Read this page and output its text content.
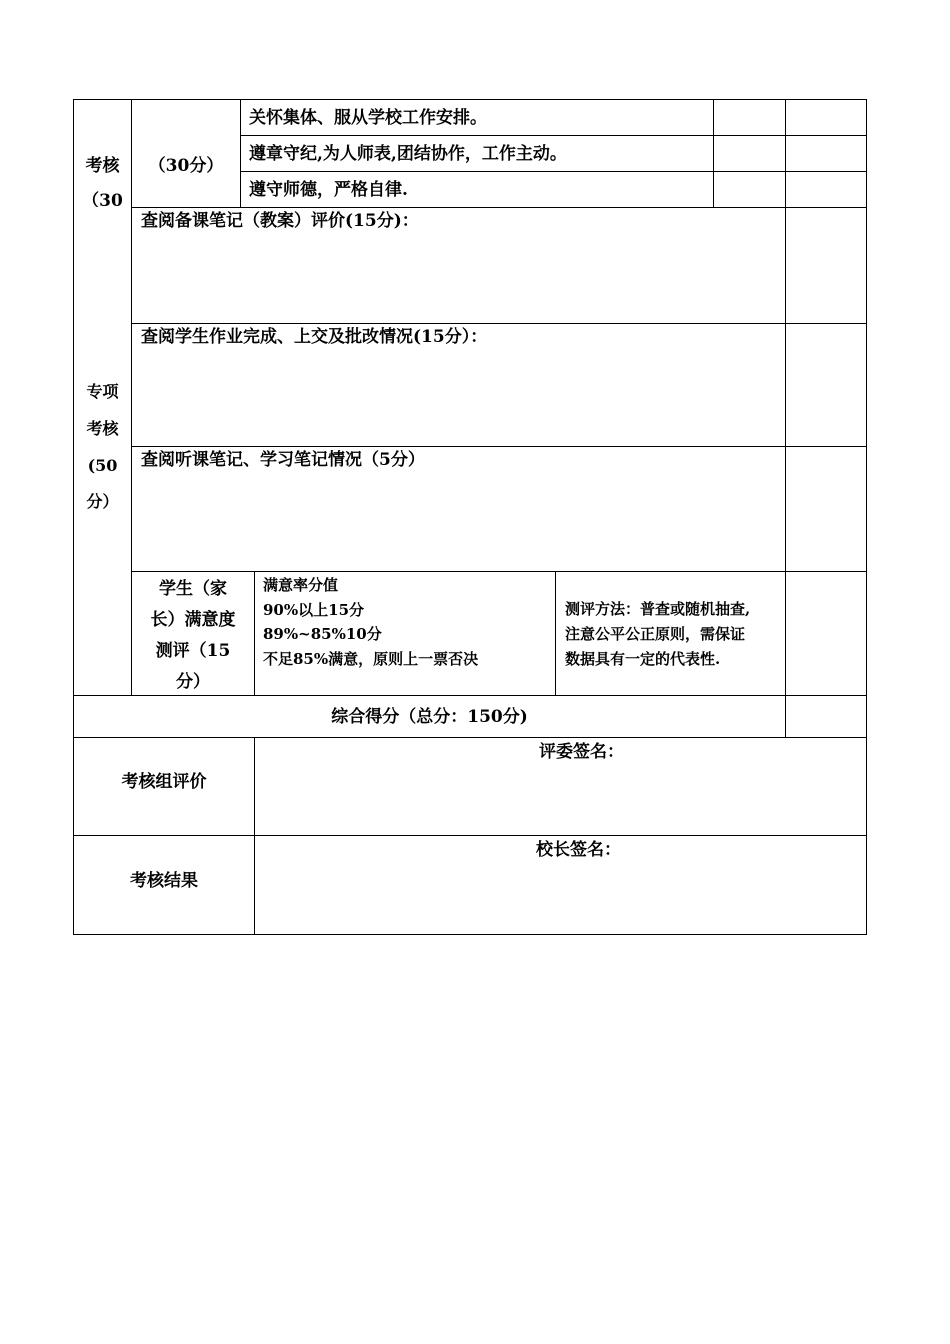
考核
（30
（30分）
关怀集体、服从学校工作安排。
遵章守纪,为人师表,团结协作，工作主动。
遵守师德，严格自律.
专项
考核
(50
分）
查阅备课笔记（教案）评价(15分)：
查阅学生作业完成、上交及批改情况(15分）：
查阅听课笔记、学习笔记情况（5分）
学生（家
长）满意度
测评（15
分）
满意率分值
90%以上15分
89%~85%10分
不足85%满意，原则上一票否决
测评方法：普查或随机抽查,
注意公平公正原则，需保证
数据具有一定的代表性.
综合得分（总分：150分)
考核组评价
评委签名：
考核结果
校长签名：
